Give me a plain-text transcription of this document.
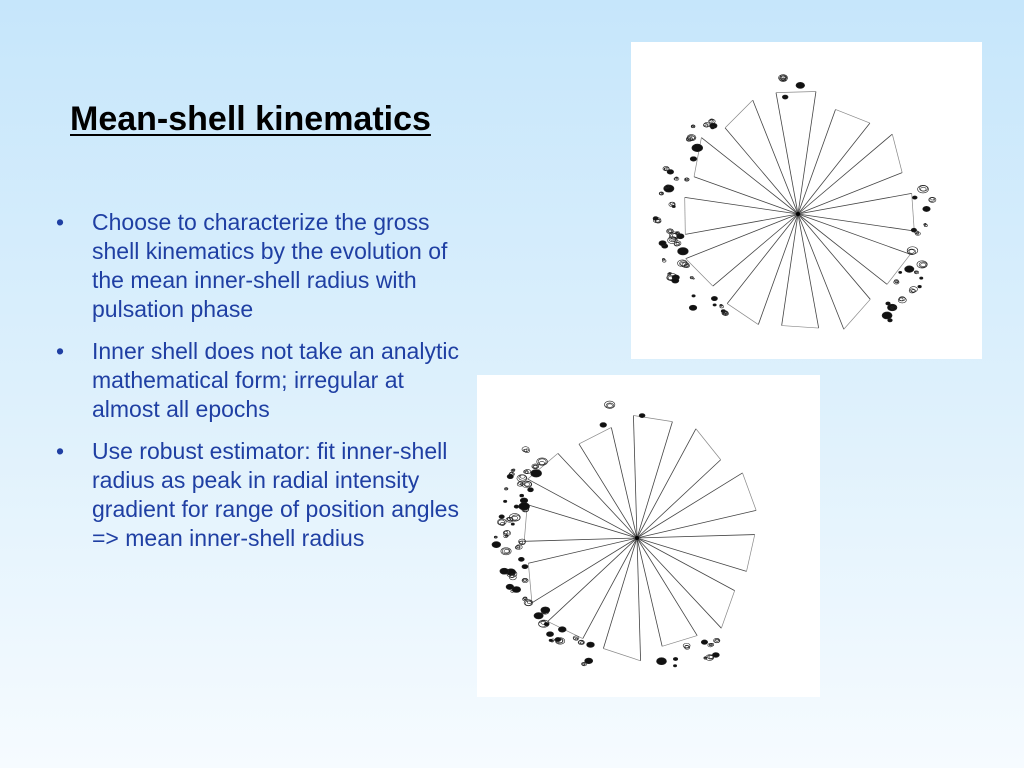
Mean-shell kinematics
• Choose to characterize the gross shell kinematics by the evolution of the mean inner-shell radius with pulsation phase
• Inner shell does not take an analytic mathematical form; irregular at almost all epochs
• Use robust estimator: fit inner-shell radius as peak in radial intensity gradient for range of position angles => mean inner-shell radius
